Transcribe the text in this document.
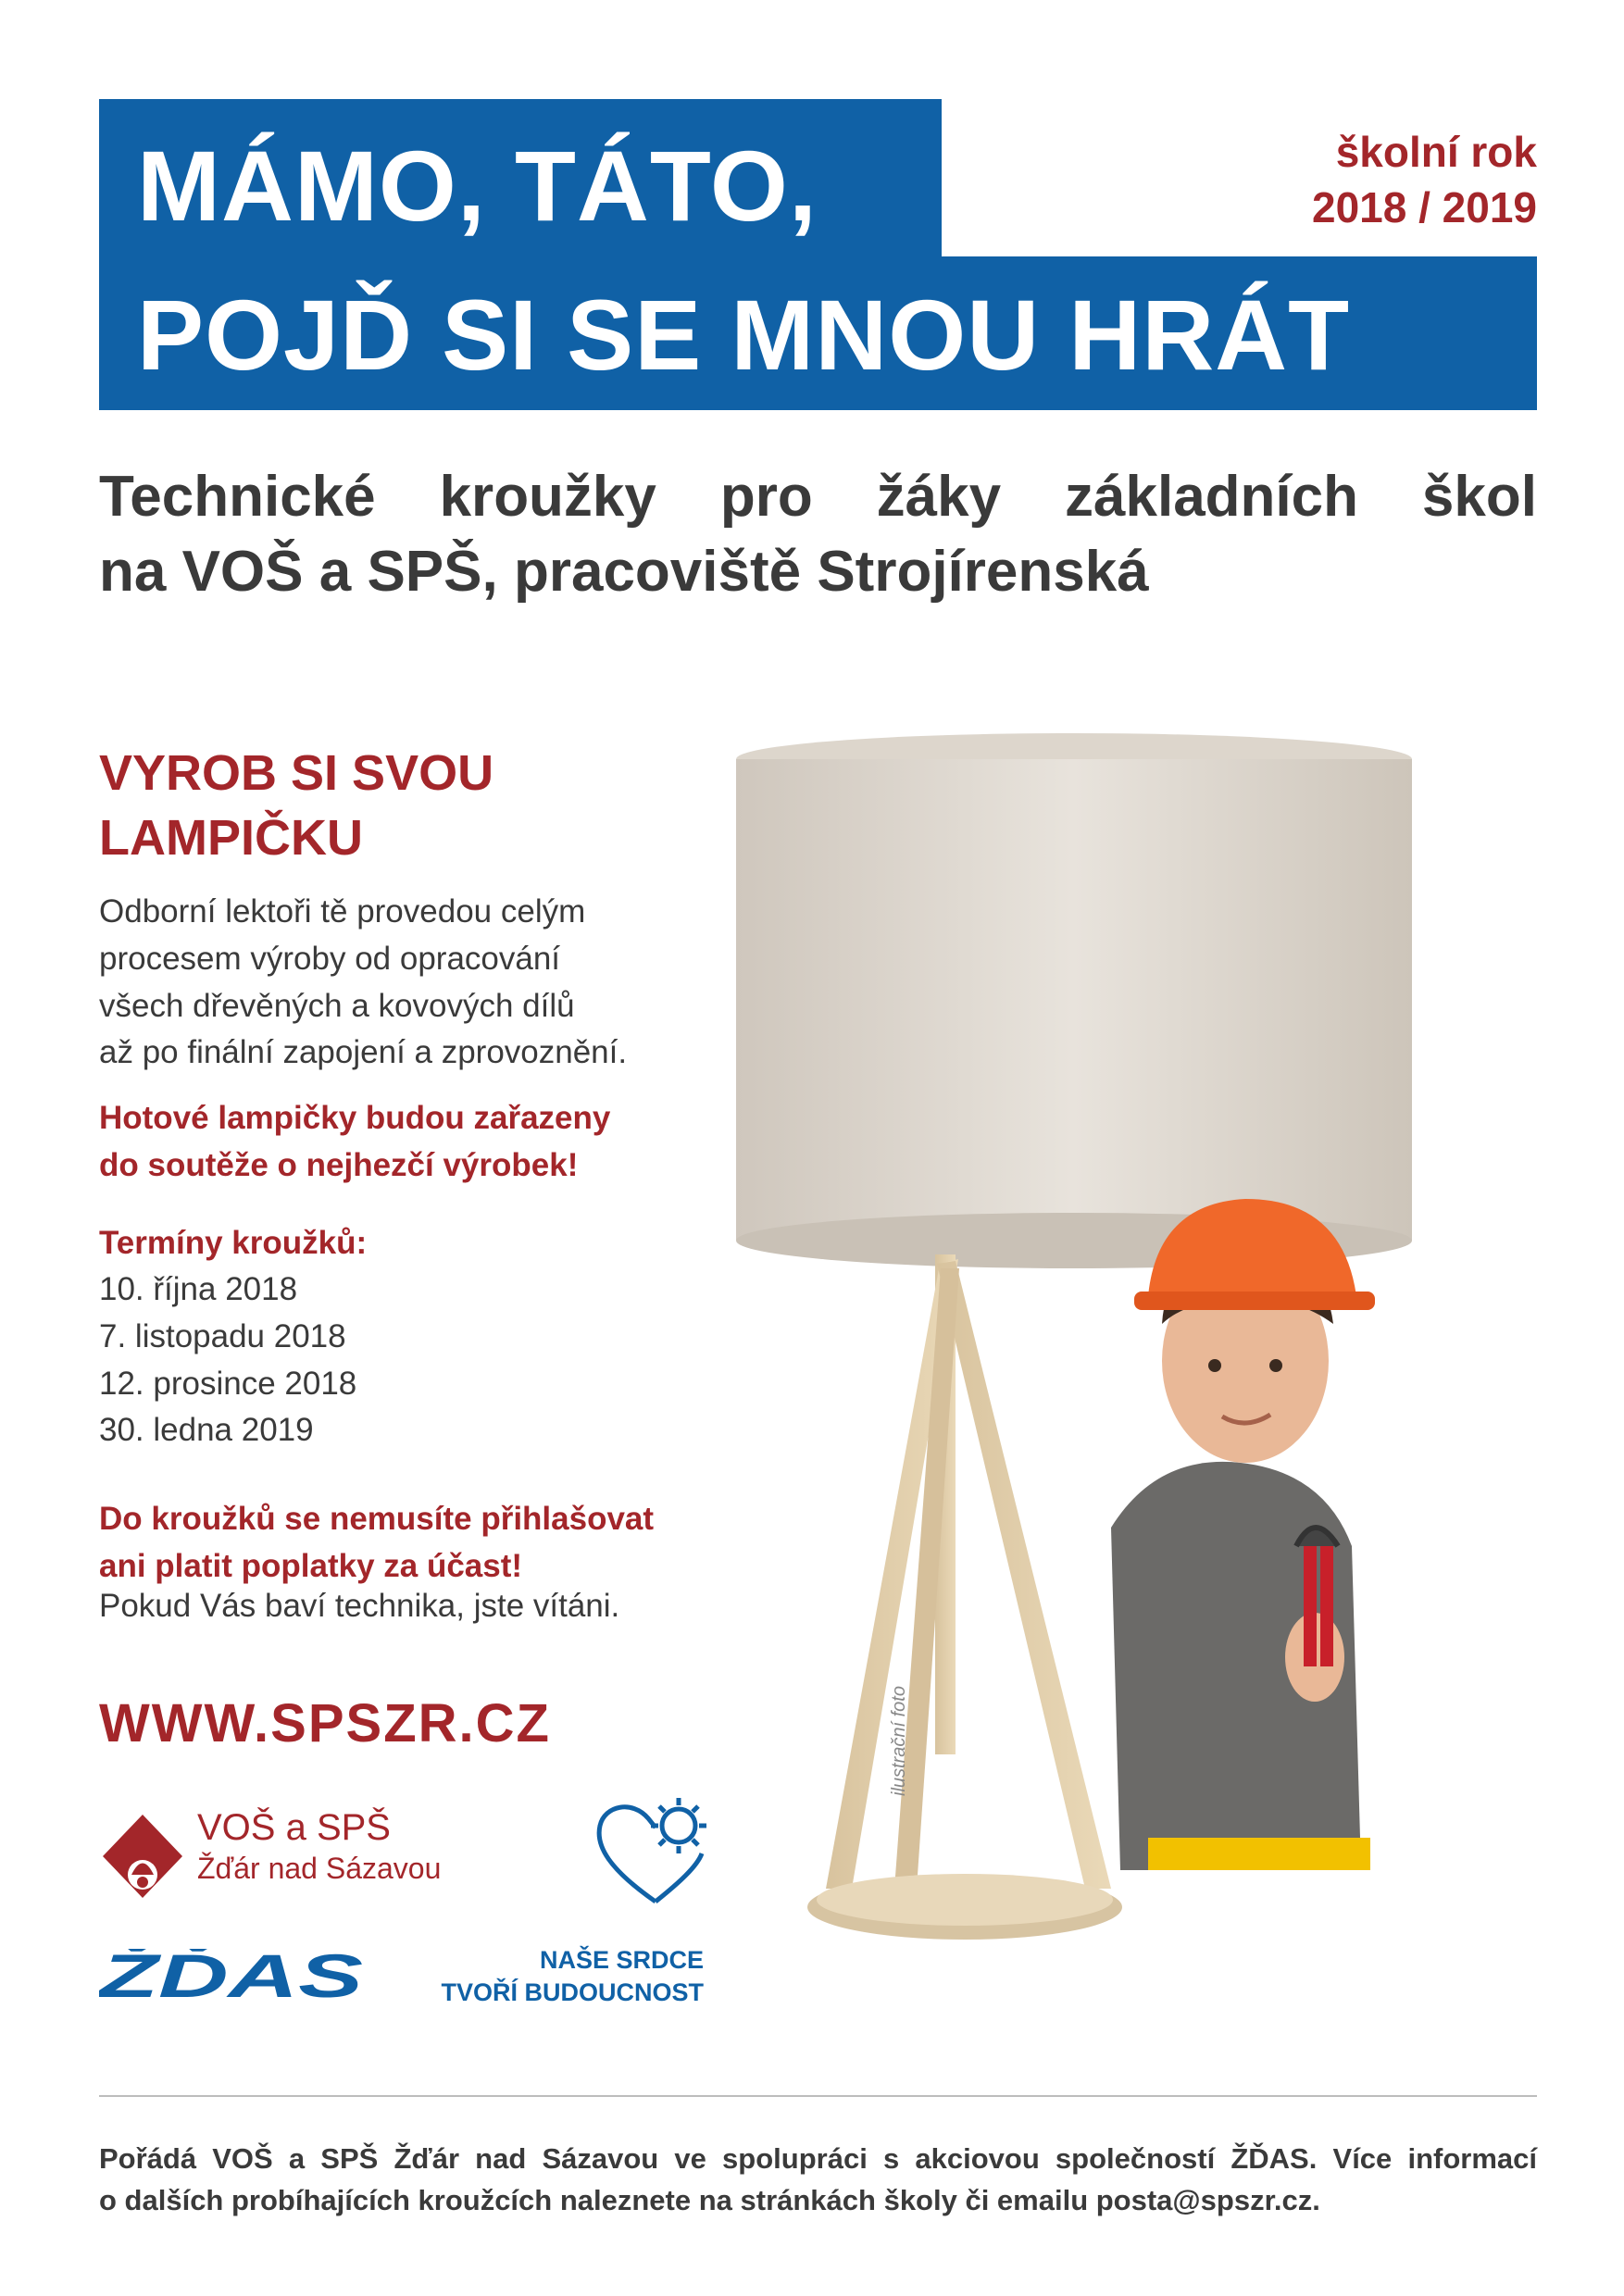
MÁMO, TÁTO,
POJĎ SI SE MNOU HRÁT
školní rok
2018 / 2019
Technické kroužky pro žáky základních škol
na VOŠ a SPŠ, pracoviště Strojírenská
VYROB SI SVOU
LAMPIČKU
Odborní lektoři tě provedou celým
procesem výroby od opracování
všech dřevěných a kovových dílů
až po finální zapojení a zprovoznění.
Hotové lampičky budou zařazeny
do soutěže o nejhezčí výrobek!
Termíny kroužků:
10. října 2018
7. listopadu 2018
12. prosince 2018
30. ledna 2019
Do kroužků se nemusíte přihlašovat
ani platit poplatky za účast!
Pokud Vás baví technika, jste vítáni.
WWW.SPSZR.CZ
VOŠ a SPŠ
Žďár nad Sázavou
ŽĎAS	NAŠE SRDCE
TVOŘÍ BUDOUCNOST
ilustrační foto
Pořádá VOŠ a SPŠ Žďár nad Sázavou ve spolupráci s akciovou společností ŽĎAS. Více informací
o dalších probíhajících kroužcích naleznete na stránkách školy či emailu posta@spszr.cz.
